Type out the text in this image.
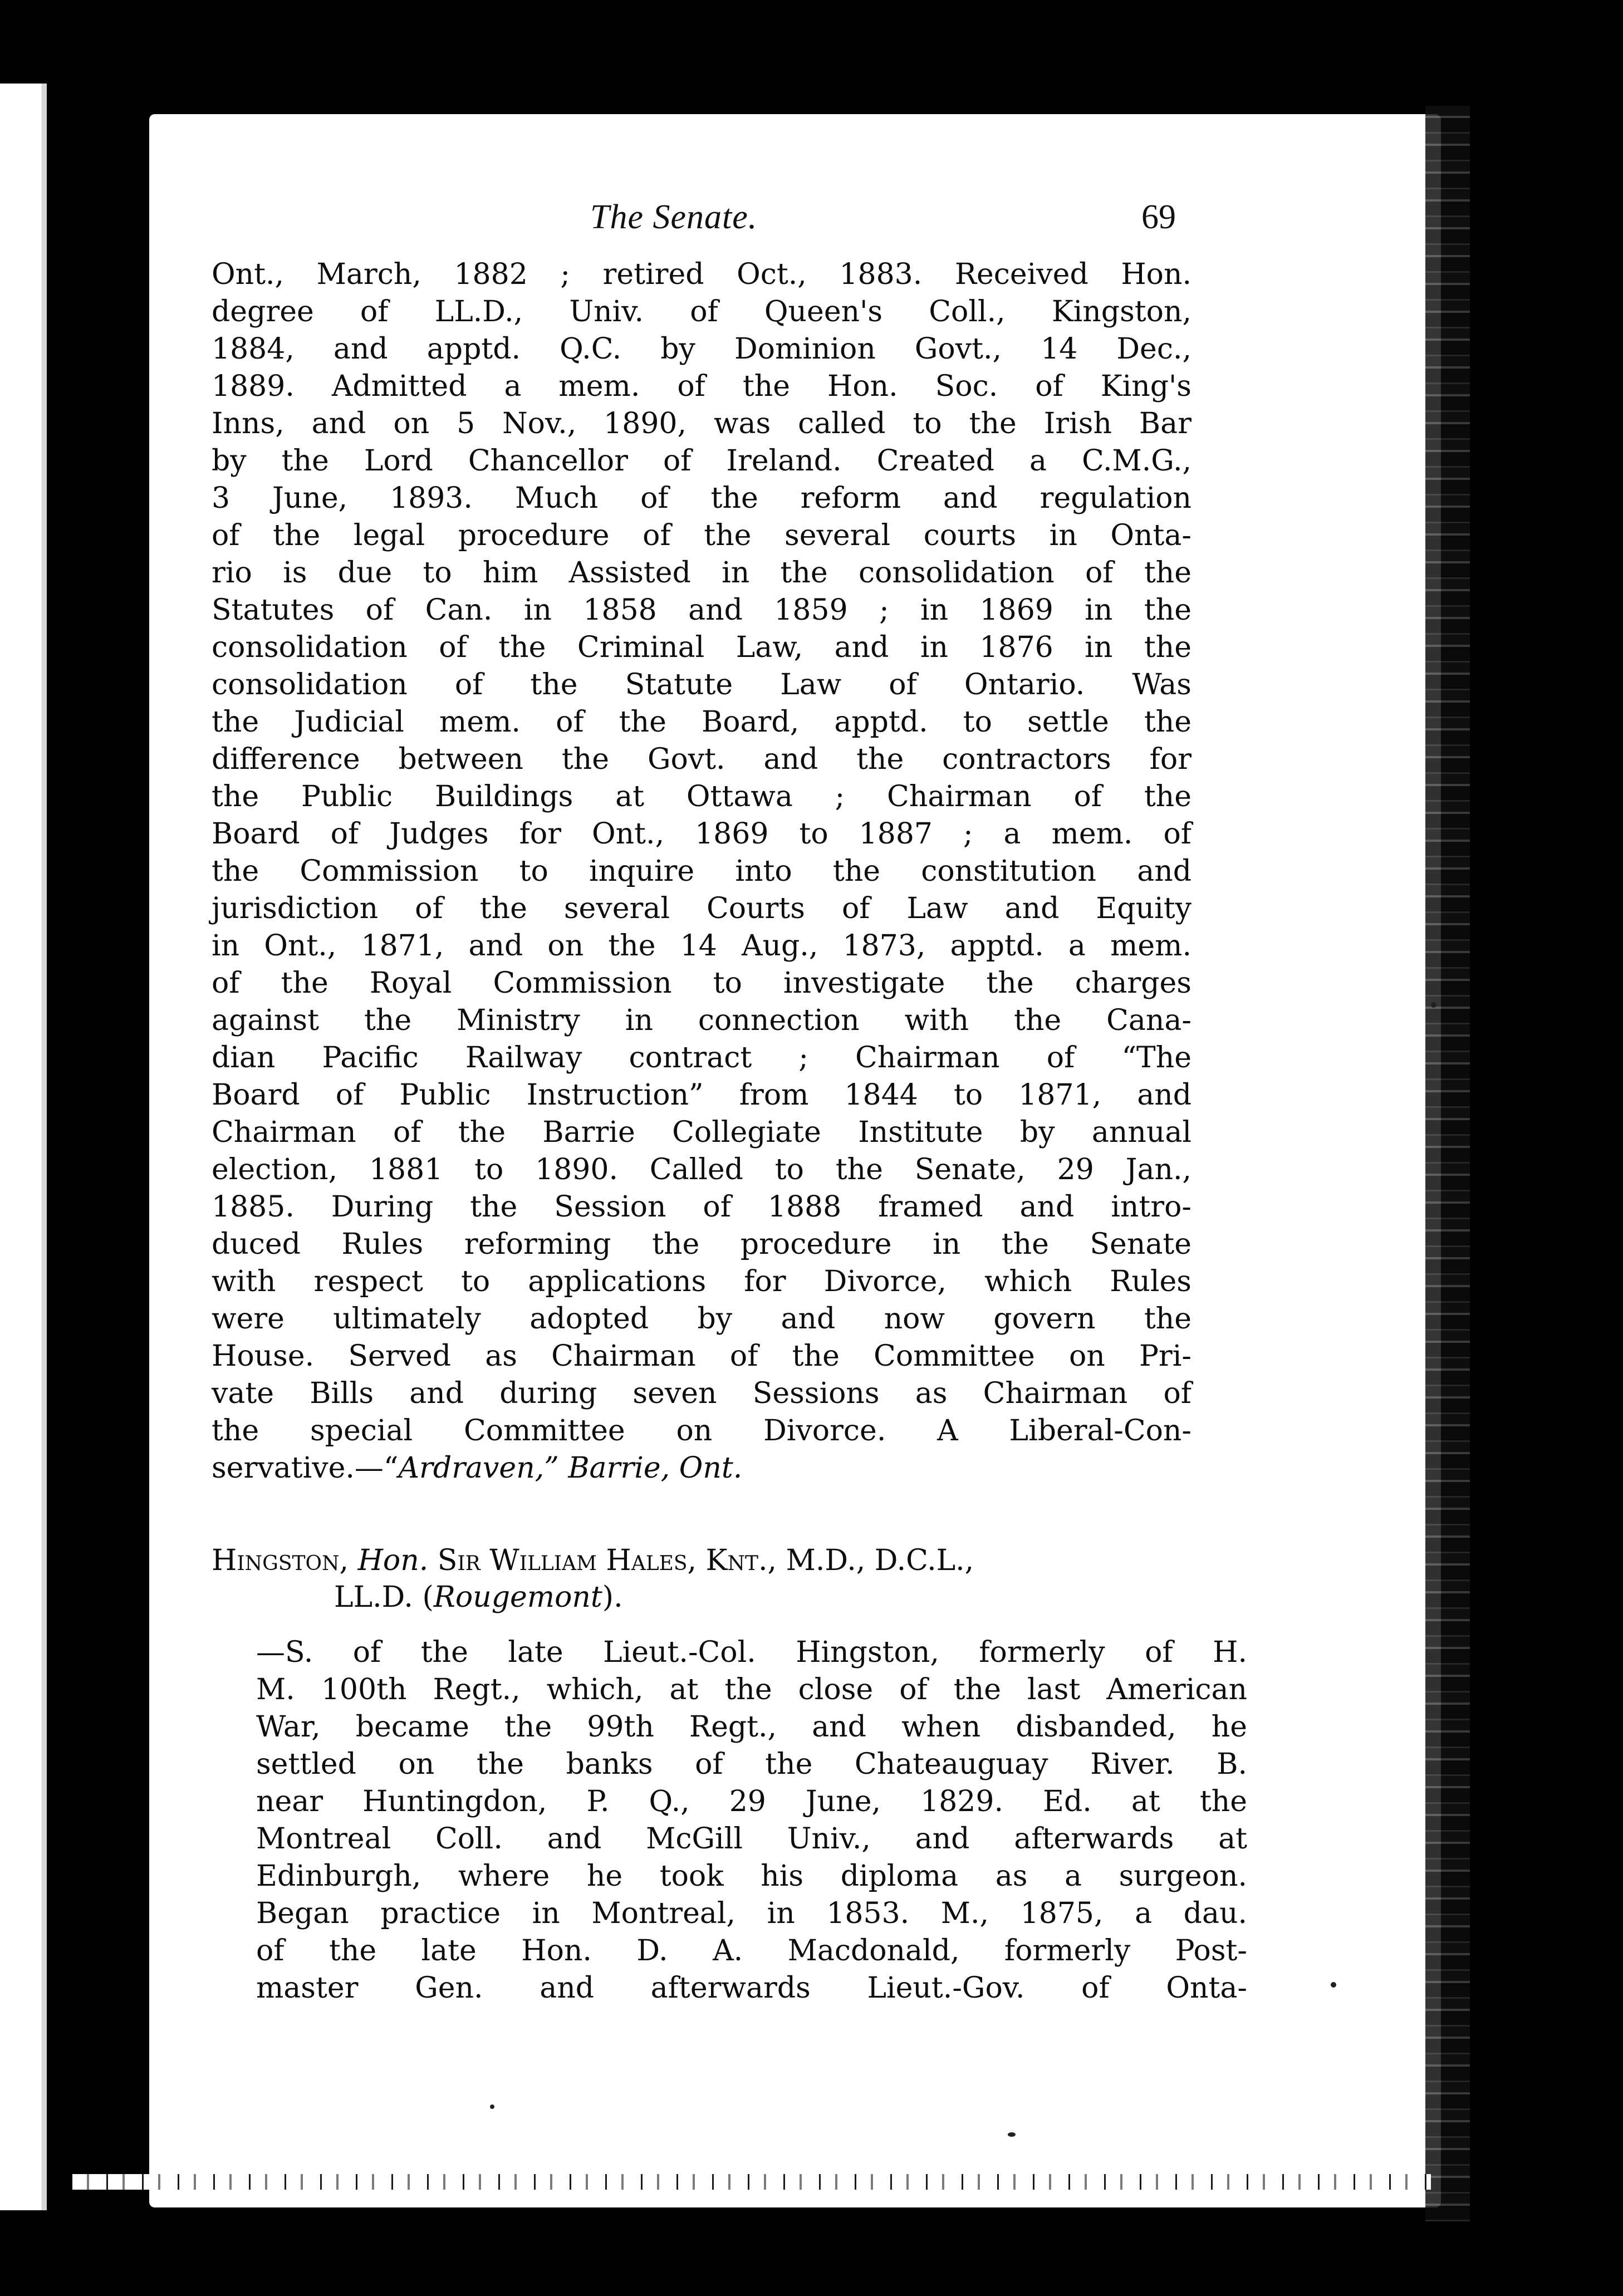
The Senate.	69
Ont., March, 1882 ; retired Oct., 1883. Received Hon.
degree of LL.D., Univ. of Queen's Coll., Kingston,
1884, and apptd. Q.C. by Dominion Govt., 14 Dec.,
1889. Admitted a mem. of the Hon. Soc. of King's
Inns, and on 5 Nov., 1890, was called to the Irish Bar
by the Lord Chancellor of Ireland. Created a C.M.G.,
3 June, 1893. Much of the reform and regulation
of the legal procedure of the several courts in Onta-
rio is due to him Assisted in the consolidation of the
Statutes of Can. in 1858 and 1859 ; in 1869 in the
consolidation of the Criminal Law, and in 1876 in the
consolidation of the Statute Law of Ontario. Was
the Judicial mem. of the Board, apptd. to settle the
difference between the Govt. and the contractors for
the Public Buildings at Ottawa ; Chairman of the
Board of Judges for Ont., 1869 to 1887 ; a mem. of
the Commission to inquire into the constitution and
jurisdiction of the several Courts of Law and Equity
in Ont., 1871, and on the 14 Aug., 1873, apptd. a mem.
of the Royal Commission to investigate the charges
against the Ministry in connection with the Cana-
dian Pacific Railway contract ; Chairman of “The
Board of Public Instruction” from 1844 to 1871, and
Chairman of the Barrie Collegiate Institute by annual
election, 1881 to 1890. Called to the Senate, 29 Jan.,
1885. During the Session of 1888 framed and intro-
duced Rules reforming the procedure in the Senate
with respect to applications for Divorce, which Rules
were ultimately adopted by and now govern the
House. Served as Chairman of the Committee on Pri-
vate Bills and during seven Sessions as Chairman of
the special Committee on Divorce. A Liberal-Con-
servative.—“Ardraven,” Barrie, Ont.
Hingston, Hon. Sir William Hales, Knt., M.D., D.C.L.,
LL.D. (Rougemont).
—S. of the late Lieut.-Col. Hingston, formerly of H.
M. 100th Regt., which, at the close of the last American
War, became the 99th Regt., and when disbanded, he
settled on the banks of the Chateauguay River. B.
near Huntingdon, P. Q., 29 June, 1829. Ed. at the
Montreal Coll. and McGill Univ., and afterwards at
Edinburgh, where he took his diploma as a surgeon.
Began practice in Montreal, in 1853. M., 1875, a dau.
of the late Hon. D. A. Macdonald, formerly Post-
master Gen. and afterwards Lieut.-Gov. of Onta-
